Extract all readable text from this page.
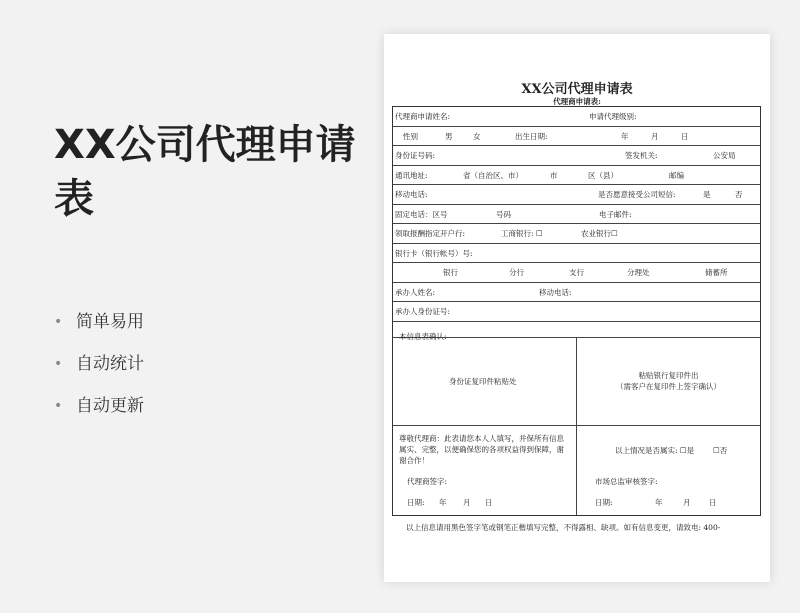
XX公司代理申请表
• 简单易用
• 自动统计
• 自动更新
XX公司代理申请表
代理商申请表:
代理商申请姓名:	申请代理级别:
性别	男	女	出生日期:	年	月	日
身份证号码:	签发机关:	公安局
通讯地址:	省（自治区、市）	市	区（县）	邮编
移动电话:	是否愿意接受公司短信:	是	否
固定电话：区号	号码	电子邮件:
领取报酬指定开户行:	工商银行: ☐	农业银行☐
银行卡（银行帐号）号:
银行	分行	支行	分理处	储蓄所
承办人姓名:	移动电话:
承办人身份证号:
本信息表确认:
身份证复印件粘贴处
粘贴银行复印件出
（需客户在复印件上签字确认）
尊敬代理商：此表请您本人人填写，并保所有信息属实、完整，以便确保您的各项权益得到保障，谢谢合作！
代理商签字:
日期: 年 月 日
以上情况是否属实: ☐是	☐否
市场总监审核签字:
日期:	年	月 日
以上信息请用黑色签字笔或钢笔正楷填写完整，不得露相、缺项。如有信息变更，请致电: 400-
